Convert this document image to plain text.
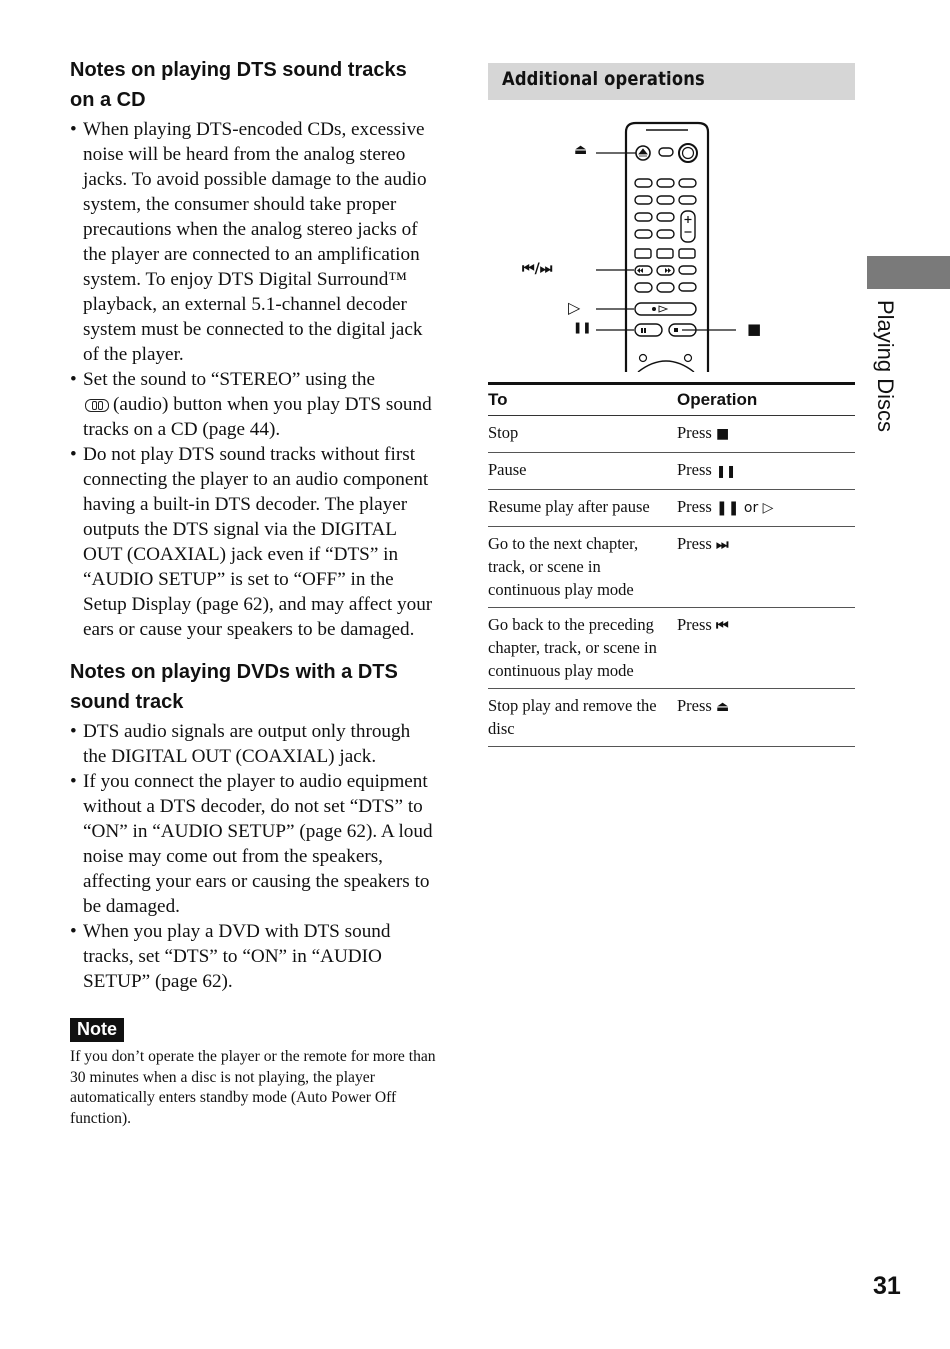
Notes on playing DTS sound tracks on a CD
• When playing DTS-encoded CDs, excessive noise will be heard from the analog stereo jacks. To avoid possible damage to the audio system, the consumer should take proper precautions when the analog stereo jacks of the player are connected to an amplification system. To enjoy DTS Digital Surround™ playback, an external 5.1-channel decoder system must be connected to the digital jack of the player.
• Set the sound to “STEREO” using the
(audio) button when you play DTS sound tracks on a CD (page 44).
• Do not play DTS sound tracks without first connecting the player to an audio component having a built-in DTS decoder. The player outputs the DTS signal via the DIGITAL OUT (COAXIAL) jack even if “DTS” in “AUDIO SETUP” is set to “OFF” in the Setup Display (page 62), and may affect your ears or cause your speakers to be damaged.
Notes on playing DVDs with a DTS sound track
• DTS audio signals are output only through the DIGITAL OUT (COAXIAL) jack.
• If you connect the player to audio equipment without a DTS decoder, do not set “DTS” to “ON” in “AUDIO SETUP” (page 62). A loud noise may come out from the speakers, affecting your ears or causing the speakers to be damaged.
• When you play a DVD with DTS sound tracks, set “DTS” to “ON” in “AUDIO SETUP” (page 62).
Note
If you don’t operate the player or the remote for more than 30 minutes when a disc is not playing, the player automatically enters standby mode (Auto Power Off function).
Additional operations
⏏
⏮/⏭
▷
❚❚	■
To	Operation
Stop	Press ■
Pause	Press ❚❚
Resume play after pause	Press ❚❚ or ▷
Go to the next chapter, track, or scene in continuous play mode	Press ⏭
Go back to the preceding chapter, track, or scene in continuous play mode	Press ⏮
Stop play and remove the disc	Press ⏏
Playing Discs
31
